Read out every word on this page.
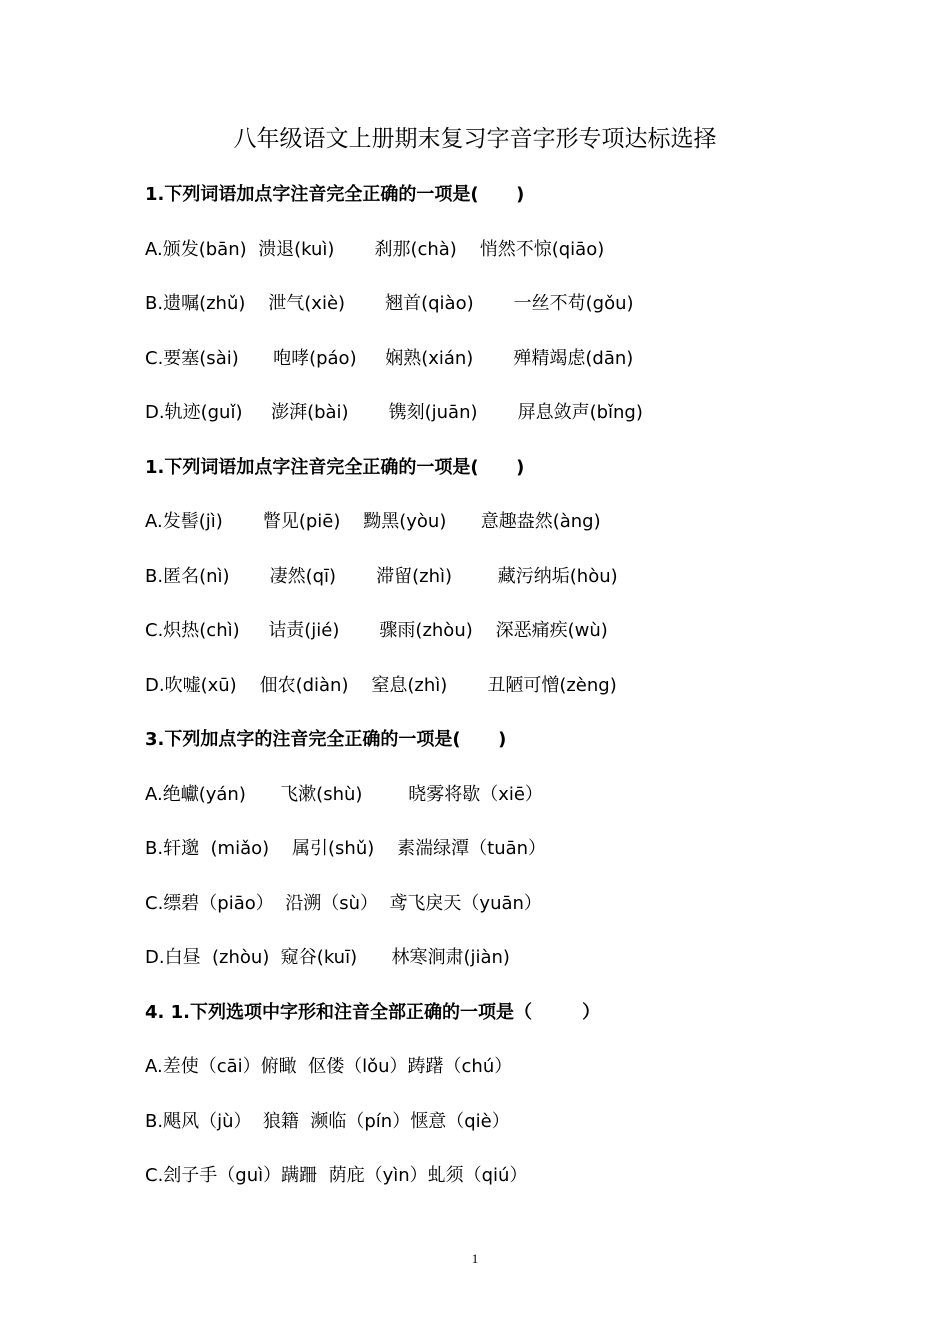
八年级语文上册期末复习字音字形专项达标选择
1.下列词语加点字注音完全正确的一项是(      )
A.颁发(bān)  溃退(kuì)       刹那(chà)    悄然不惊(qiāo)
B.遗嘱(zhǔ)    泄气(xiè)       翘首(qiào)       一丝不苟(gǒu)
C.要塞(sài)      咆哮(páo)     娴熟(xián)       殚精竭虑(dān)
D.轨迹(guǐ)     澎湃(bài)       镌刻(juān)       屏息敛声(bǐng)
1.下列词语加点字注音完全正确的一项是(      )
A.发髻(jì)       瞥见(piē)    黝黑(yòu)      意趣盎然(àng)
B.匿名(nì)       凄然(qī)       滞留(zhì)        藏污纳垢(hòu)
C.炽热(chì)     诘责(jié)       骤雨(zhòu)    深恶痛疾(wù)
D.吹嘘(xū)    佃农(diàn)    窒息(zhì)       丑陋可憎(zèng)
3.下列加点字的注音完全正确的一项是(      )
A.绝巘(yán)      飞漱(shù)        晓雾将歇（xiē）
B.轩邈  (miǎo)    属引(shǔ)    素湍绿潭（tuān）
C.缥碧（piāo）  沿溯（sù）  鸢飞戾天（yuān）
D.白昼  (zhòu)  窥谷(kuī)      林寒涧肃(jiàn)
4. 1.下列选项中字形和注音全部正确的一项是（        ）
A.差使（cāi）俯瞰  伛偻（lǒu）踌躇（chú）
B.飓风（jù）  狼籍  濒临（pín）惬意（qiè）
C.刽子手（guì）蹒跚  荫庇（yìn）虬须（qiú）
1
